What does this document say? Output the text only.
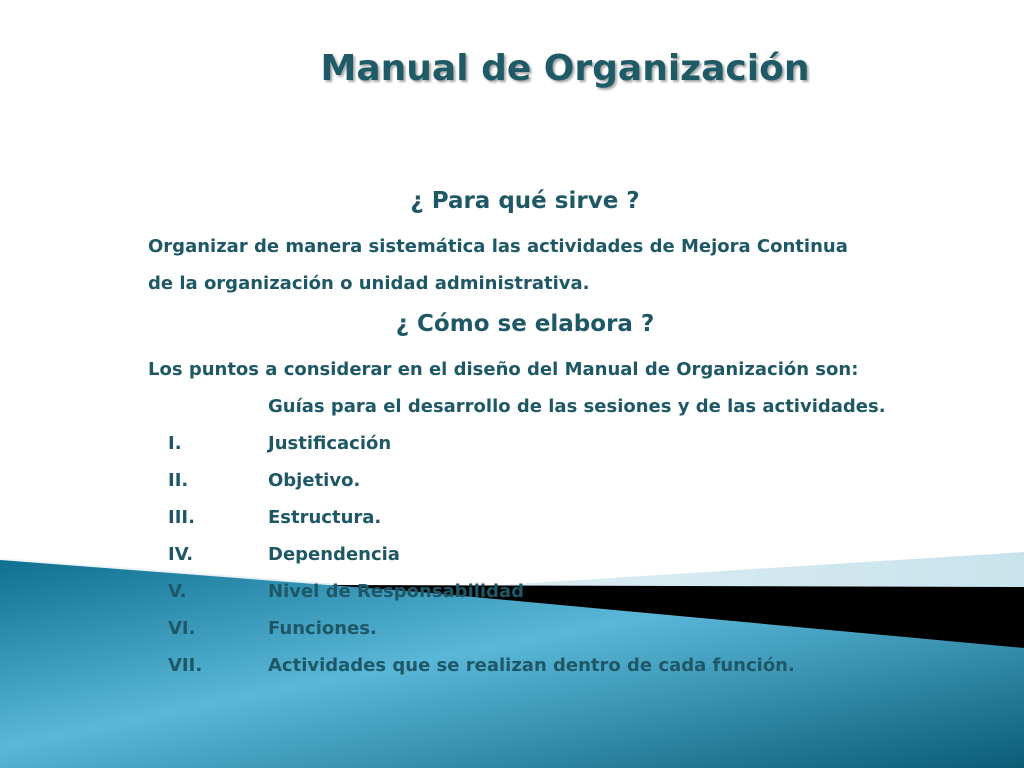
Manual de Organización
¿ Para qué sirve ?
Organizar de manera sistemática las actividades de Mejora Continua
de la organización o unidad administrativa.
¿ Cómo se elabora ?
Los puntos a considerar en el diseño del Manual de Organización son:
Guías para el desarrollo de las sesiones y de las actividades.
I.	Justificación
II.	Objetivo.
III.	Estructura.
IV.	Dependencia
V.	Nivel de Responsabilidad
VI.	Funciones.
VII.	Actividades que se realizan dentro de cada función.
